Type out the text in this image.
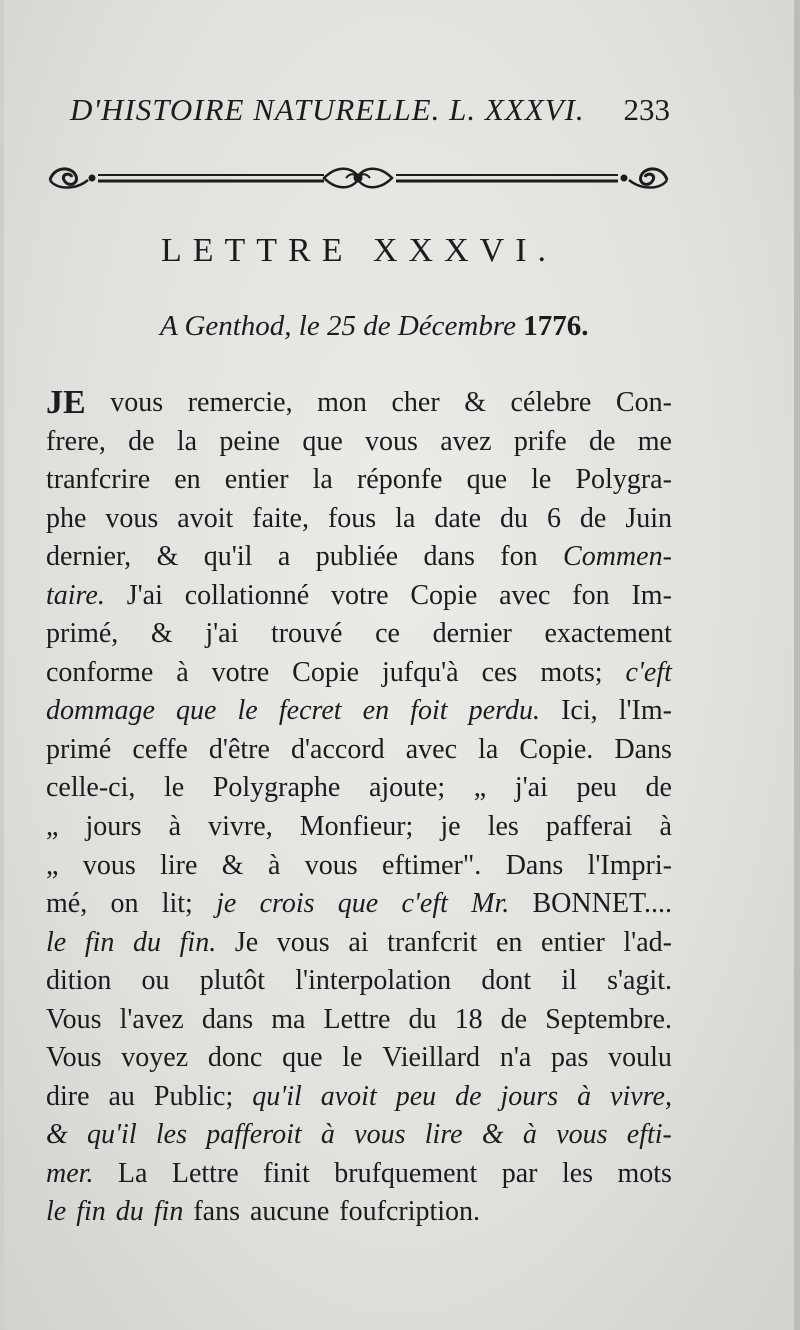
D'HISTOIRE NATURELLE. L. XXXVI. 233
LETTRE XXXVI.
A Genthod, le 25 de Décembre 1776.
JE vous remercie, mon cher & célebre Con-
frere, de la peine que vous avez prife de me
tranfcrire en entier la réponfe que le Polygra-
phe vous avoit faite, fous la date du 6 de Juin
dernier, & qu'il a publiée dans fon Commen-
taire. J'ai collationné votre Copie avec fon Im-
primé, & j'ai trouvé ce dernier exactement
conforme à votre Copie jufqu'à ces mots; c'eft
dommage que le fecret en foit perdu. Ici, l'Im-
primé ceffe d'être d'accord avec la Copie. Dans
celle-ci, le Polygraphe ajoute; „ j'ai peu de
„ jours à vivre, Monfieur; je les pafferai à
„ vous lire & à vous eftimer". Dans l'Impri-
mé, on lit; je crois que c'eft Mr. BONNET....
le fin du fin. Je vous ai tranfcrit en entier l'ad-
dition ou plutôt l'interpolation dont il s'agit.
Vous l'avez dans ma Lettre du 18 de Septembre.
Vous voyez donc que le Vieillard n'a pas voulu
dire au Public; qu'il avoit peu de jours à vivre,
& qu'il les pafferoit à vous lire & à vous efti-
mer. La Lettre finit brufquement par les mots
le fin du fin fans aucune foufcription.
